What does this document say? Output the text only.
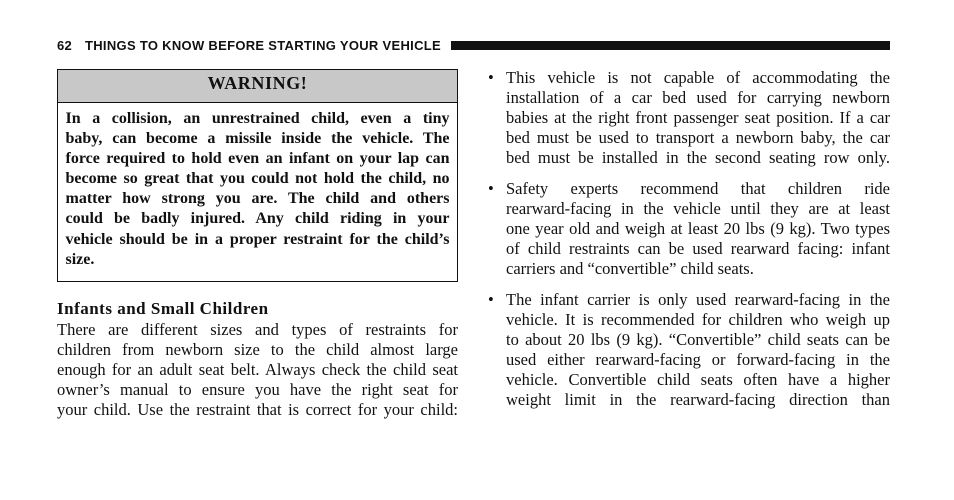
62 THINGS TO KNOW BEFORE STARTING YOUR VEHICLE
WARNING!
In a collision, an unrestrained child, even a tiny
baby, can become a missile inside the vehicle. The
force required to hold even an infant on your lap can
become so great that you could not hold the child, no
matter how strong you are. The child and others
could be badly injured. Any child riding in your
vehicle should be in a proper restraint for the child’s
size.
Infants and Small Children
There are different sizes and types of restraints for
children from newborn size to the child almost large
enough for an adult seat belt. Always check the child seat
owner’s manual to ensure you have the right seat for
your child. Use the restraint that is correct for your child:
• This vehicle is not capable of accommodating the
installation of a car bed used for carrying newborn
babies at the right front passenger seat position. If a car
bed must be used to transport a newborn baby, the car
bed must be installed in the second seating row only.
• Safety experts recommend that children ride
rearward-facing in the vehicle until they are at least
one year old and weigh at least 20 lbs (9 kg). Two types
of child restraints can be used rearward facing: infant
carriers and “convertible” child seats.
• The infant carrier is only used rearward-facing in the
vehicle. It is recommended for children who weigh up
to about 20 lbs (9 kg). “Convertible” child seats can be
used either rearward-facing or forward-facing in the
vehicle. Convertible child seats often have a higher
weight limit in the rearward-facing direction than
